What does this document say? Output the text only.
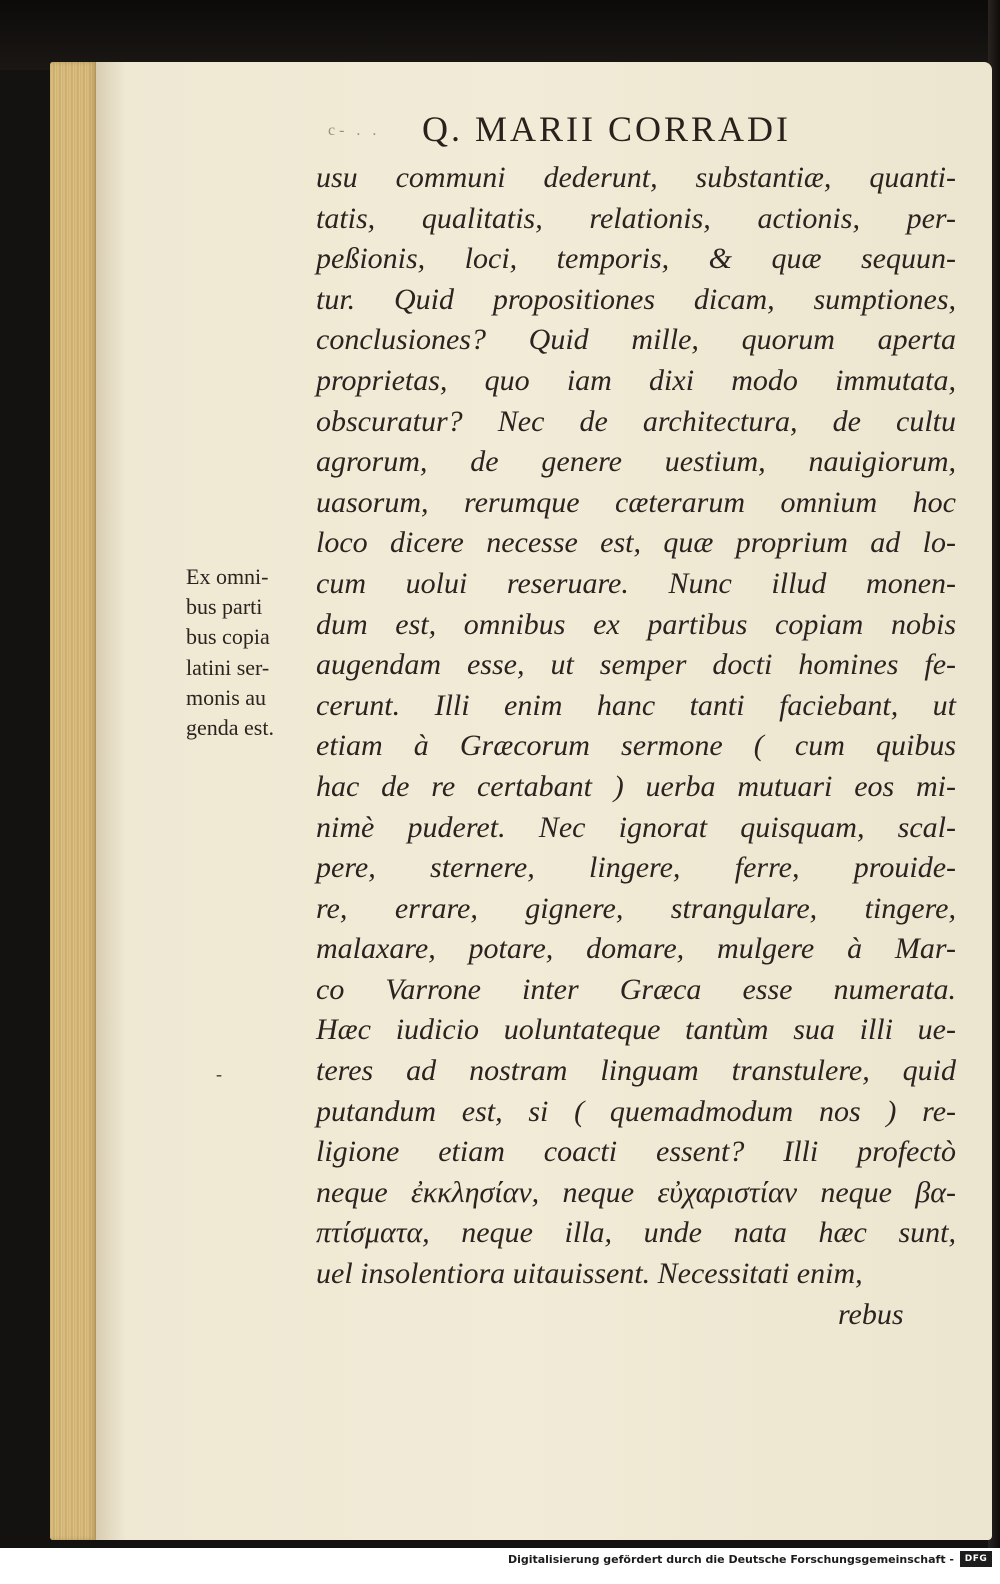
c- . . Q. MARII CORRADI
usu communi dederunt, substantiæ, quanti-
tatis, qualitatis, relationis, actionis, per-
peßionis, loci, temporis, & quæ sequun-
tur. Quid propositiones dicam, sumptiones,
conclusiones? Quid mille, quorum aperta
proprietas, quo iam dixi modo immutata,
obscuratur? Nec de architectura, de cultu
agrorum, de genere uestium, nauigiorum,
uasorum, rerumque cæterarum omnium hoc
loco dicere necesse est, quæ proprium ad lo-
cum uolui reseruare. Nunc illud monen-
dum est, omnibus ex partibus copiam nobis
augendam esse, ut semper docti homines fe-
cerunt. Illi enim hanc tanti faciebant, ut
etiam à Græcorum sermone ( cum quibus
hac de re certabant ) uerba mutuari eos mi-
nimè puderet. Nec ignorat quisquam, scal-
pere, sternere, lingere, ferre, prouide-
re, errare, gignere, strangulare, tingere,
malaxare, potare, domare, mulgere à Mar-
co Varrone inter Græca esse numerata.
Hæc iudicio uoluntateque tantùm sua illi ue-
teres ad nostram linguam transtulere, quid
putandum est, si ( quemadmodum nos ) re-
ligione etiam coacti essent? Illi profectò
neque ἐκκλησίαν, neque εὐχαριστίαν neque βα-
πτίσματα, neque illa, unde nata hæc sunt,
uel insolentiora uitauissent. Necessitati enim,
rebus
Ex omni-
bus parti
bus copia
latini ser-
monis au
genda est.
-
Digitalisierung gefördert durch die Deutsche Forschungsgemeinschaft -	DFG
